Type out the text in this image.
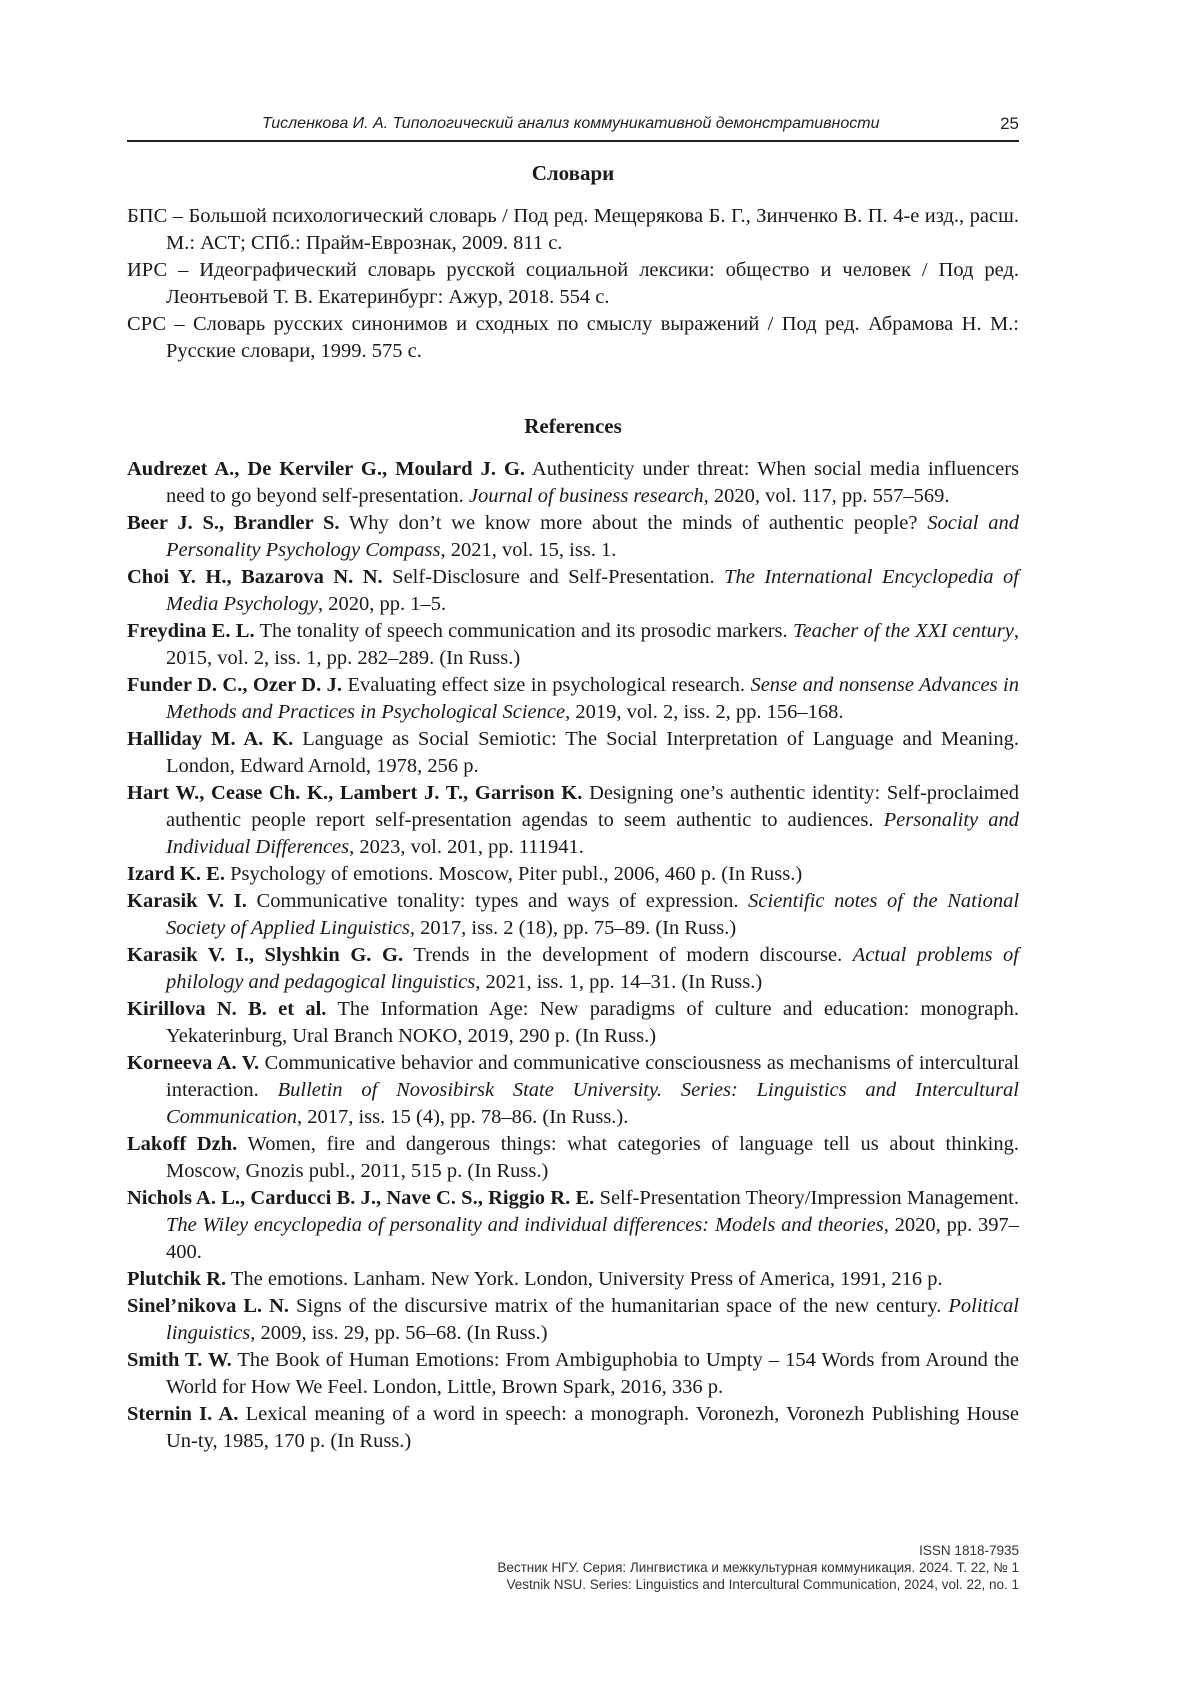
Тисленкова И. А. Типологический анализ коммуникативной демонстративности	25
Словари

БПС – Большой психологический словарь / Под ред. Мещерякова Б. Г., Зинченко В. П. 4-е изд., расш. М.: АСТ; СПб.: Прайм-Еврознак, 2009. 811 с.

ИРС – Идеографический словарь русской социальной лексики: общество и человек / Под ред. Леонтьевой Т. В. Екатеринбург: Ажур, 2018. 554 с.

СРС – Словарь русских синонимов и сходных по смыслу выражений / Под ред. Абрамова Н. М.: Русские словари, 1999. 575 с.

References

Audrezet A., De Kerviler G., Moulard J. G. Authenticity under threat: When social media influencers need to go beyond self-presentation. Journal of business research, 2020, vol. 117, pp. 557–569.

Beer J. S., Brandler S. Why don’t we know more about the minds of authentic people? Social and Personality Psychology Compass, 2021, vol. 15, iss. 1.

Choi Y. H., Bazarova N. N. Self-Disclosure and Self-Presentation. The International Encyclopedia of Media Psychology, 2020, pp. 1–5.

Freydina E. L. The tonality of speech communication and its prosodic markers. Teacher of the XXI century, 2015, vol. 2, iss. 1, pp. 282–289. (In Russ.)

Funder D. C., Ozer D. J. Evaluating effect size in psychological research. Sense and nonsense Advances in Methods and Practices in Psychological Science, 2019, vol. 2, iss. 2, pp. 156–168.

Halliday M. A. K. Language as Social Semiotic: The Social Interpretation of Language and Meaning. London, Edward Arnold, 1978, 256 p.

Hart W., Cease Ch. K., Lambert J. T., Garrison K. Designing one’s authentic identity: Self-proclaimed authentic people report self-presentation agendas to seem authentic to audiences. Personality and Individual Differences, 2023, vol. 201, pp. 111941.

Izard K. E. Psychology of emotions. Moscow, Piter publ., 2006, 460 p. (In Russ.)

Karasik V. I. Communicative tonality: types and ways of expression. Scientific notes of the National Society of Applied Linguistics, 2017, iss. 2 (18), pp. 75–89. (In Russ.)

Karasik V. I., Slyshkin G. G. Trends in the development of modern discourse. Actual problems of philology and pedagogical linguistics, 2021, iss. 1, pp. 14–31. (In Russ.)

Kirillova N. B. et al. The Information Age: New paradigms of culture and education: monograph. Yekaterinburg, Ural Branch NOKO, 2019, 290 p. (In Russ.)

Korneeva A. V. Communicative behavior and communicative consciousness as mechanisms of intercultural interaction. Bulletin of Novosibirsk State University. Series: Linguistics and Intercultural Communication, 2017, iss. 15 (4), pp. 78–86. (In Russ.).

Lakoff Dzh. Women, fire and dangerous things: what categories of language tell us about thinking. Moscow, Gnozis publ., 2011, 515 p. (In Russ.)

Nichols A. L., Carducci B. J., Nave C. S., Riggio R. E. Self-Presentation Theory/Impression Management. The Wiley encyclopedia of personality and individual differences: Models and theories, 2020, pp. 397–400.

Plutchik R. The emotions. Lanham. New York. London, University Press of America, 1991, 216 p.

Sinel’nikova L. N. Signs of the discursive matrix of the humanitarian space of the new century. Political linguistics, 2009, iss. 29, pp. 56–68. (In Russ.)

Smith T. W. The Book of Human Emotions: From Ambiguphobia to Umpty – 154 Words from Around the World for How We Feel. London, Little, Brown Spark, 2016, 336 p.

Sternin I. A. Lexical meaning of a word in speech: a monograph. Voronezh, Voronezh Publishing House Un-ty, 1985, 170 p. (In Russ.)

ISSN 1818-7935
Вестник НГУ. Серия: Лингвистика и межкультурная коммуникация. 2024. Т. 22, № 1
Vestnik NSU. Series: Linguistics and Intercultural Communication, 2024, vol. 22, no. 1
